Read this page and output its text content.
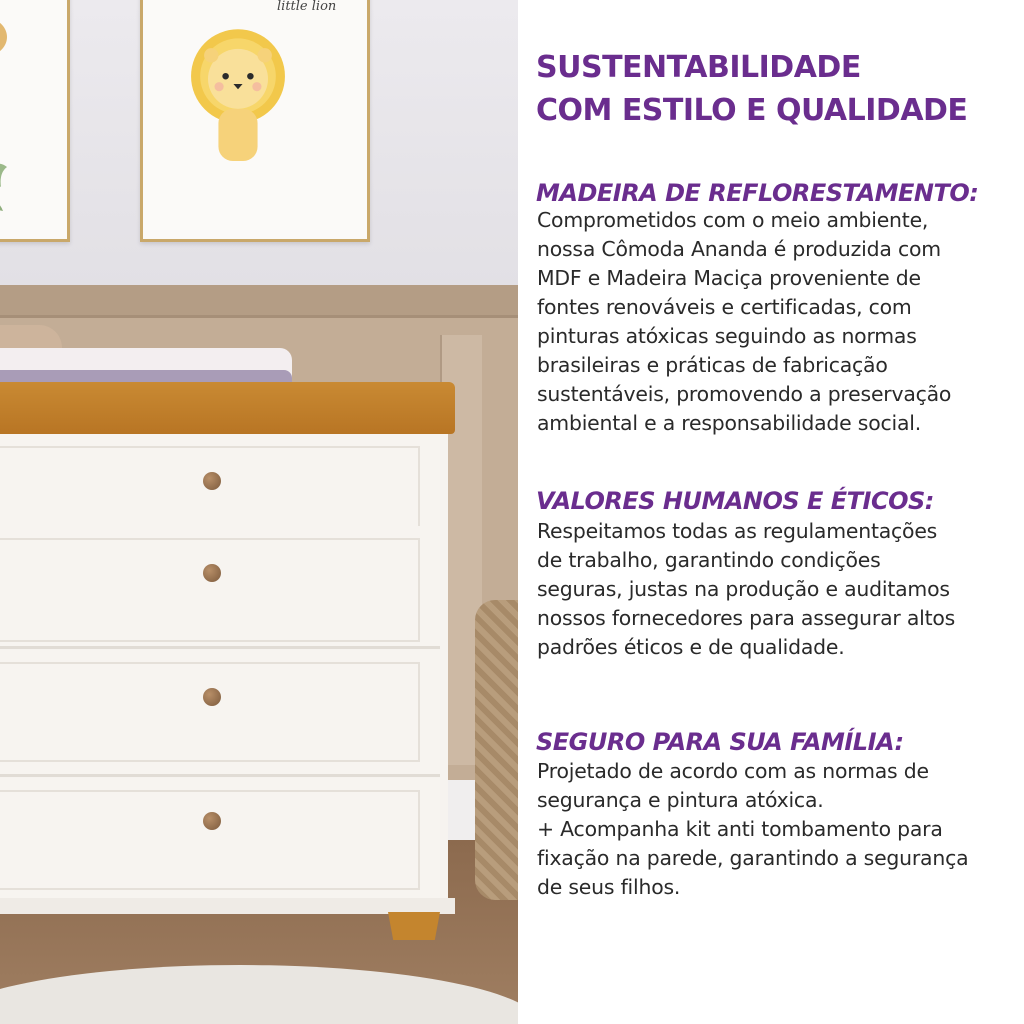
little lion
SUSTENTABILIDADE
COM ESTILO E QUALIDADE
MADEIRA DE REFLORESTAMENTO:
Comprometidos com o meio ambiente,
nossa Cômoda Ananda é produzida com
MDF e Madeira Maciça proveniente de
fontes renováveis e certificadas, com
pinturas atóxicas seguindo as normas
brasileiras e práticas de fabricação
sustentáveis, promovendo a preservação
ambiental e a responsabilidade social.
VALORES HUMANOS E ÉTICOS:
Respeitamos todas as regulamentações
de trabalho, garantindo condições
seguras, justas na produção e auditamos
nossos fornecedores para assegurar altos
padrões éticos e de qualidade.
SEGURO PARA SUA FAMÍLIA:
Projetado de acordo com as normas de
segurança e pintura atóxica.
+ Acompanha kit anti tombamento para
fixação na parede, garantindo a segurança
de seus filhos.
